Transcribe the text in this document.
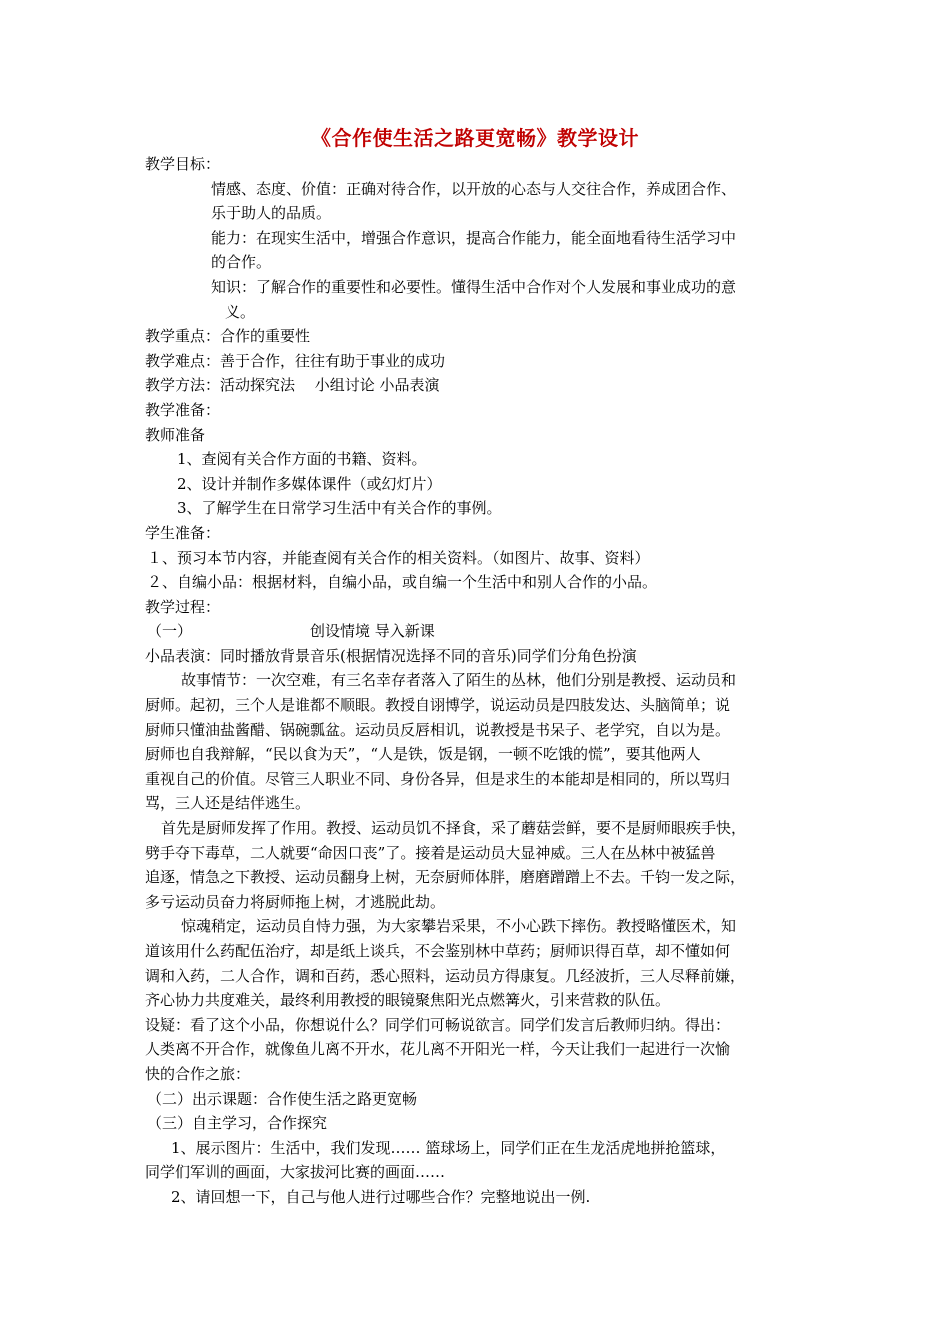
《合作使生活之路更宽畅》教学设计
教学目标：
情感、态度、价值：正确对待合作，以开放的心态与人交往合作，养成团合作、
乐于助人的品质。
能力：在现实生活中，增强合作意识，提高合作能力，能全面地看待生活学习中
的合作。
知识：了解合作的重要性和必要性。懂得生活中合作对个人发展和事业成功的意
义。
教学重点：合作的重要性
教学难点：善于合作，往往有助于事业的成功
教学方法：活动探究法　 小组讨论 小品表演
教学准备：
教师准备
1、查阅有关合作方面的书籍、资料。
2、设计并制作多媒体课件（或幻灯片）
3、了解学生在日常学习生活中有关合作的事例。
学生准备：
１、预习本节内容，并能查阅有关合作的相关资料。（如图片、故事、资料）
２、自编小品：根据材料，自编小品，或自编一个生活中和别人合作的小品。
教学过程：
（一）	创设情境 导入新课
小品表演：同时播放背景音乐(根据情况选择不同的音乐)同学们分角色扮演
故事情节：一次空难，有三名幸存者落入了陌生的丛林，他们分别是教授、运动员和
厨师。起初，三个人是谁都不顺眼。教授自诩博学，说运动员是四肢发达、头脑简单；说
厨师只懂油盐酱醋、锅碗瓢盆。运动员反唇相讥，说教授是书呆子、老学究，自以为是。
厨师也自我辩解，“民以食为天”，“人是铁，饭是钢，一顿不吃饿的慌”，要其他两人
重视自己的价值。尽管三人职业不同、身份各异，但是求生的本能却是相同的，所以骂归
骂，三人还是结伴逃生。
首先是厨师发挥了作用。教授、运动员饥不择食，采了蘑菇尝鲜，要不是厨师眼疾手快，
劈手夺下毒草，二人就要“命因口丧”了。接着是运动员大显神威。三人在丛林中被猛兽
追逐，情急之下教授、运动员翻身上树，无奈厨师体胖，磨磨蹭蹭上不去。千钧一发之际，
多亏运动员奋力将厨师拖上树，才逃脱此劫。
惊魂稍定，运动员自恃力强，为大家攀岩采果，不小心跌下摔伤。教授略懂医术，知
道该用什么药配伍治疗，却是纸上谈兵，不会鉴别林中草药；厨师识得百草，却不懂如何
调和入药，二人合作，调和百药，悉心照料，运动员方得康复。几经波折，三人尽释前嫌，
齐心协力共度难关，最终利用教授的眼镜聚焦阳光点燃篝火，引来营救的队伍。
设疑：看了这个小品，你想说什么？同学们可畅说欲言。同学们发言后教师归纳。得出：
人类离不开合作，就像鱼儿离不开水，花儿离不开阳光一样，今天让我们一起进行一次愉
快的合作之旅：
（二）出示课题：合作使生活之路更宽畅
（三）自主学习，合作探究
1、展示图片：生活中，我们发现…… 篮球场上，同学们正在生龙活虎地拼抢篮球，
同学们军训的画面，大家拔河比赛的画面……
2、请回想一下，自己与他人进行过哪些合作？完整地说出一例.
